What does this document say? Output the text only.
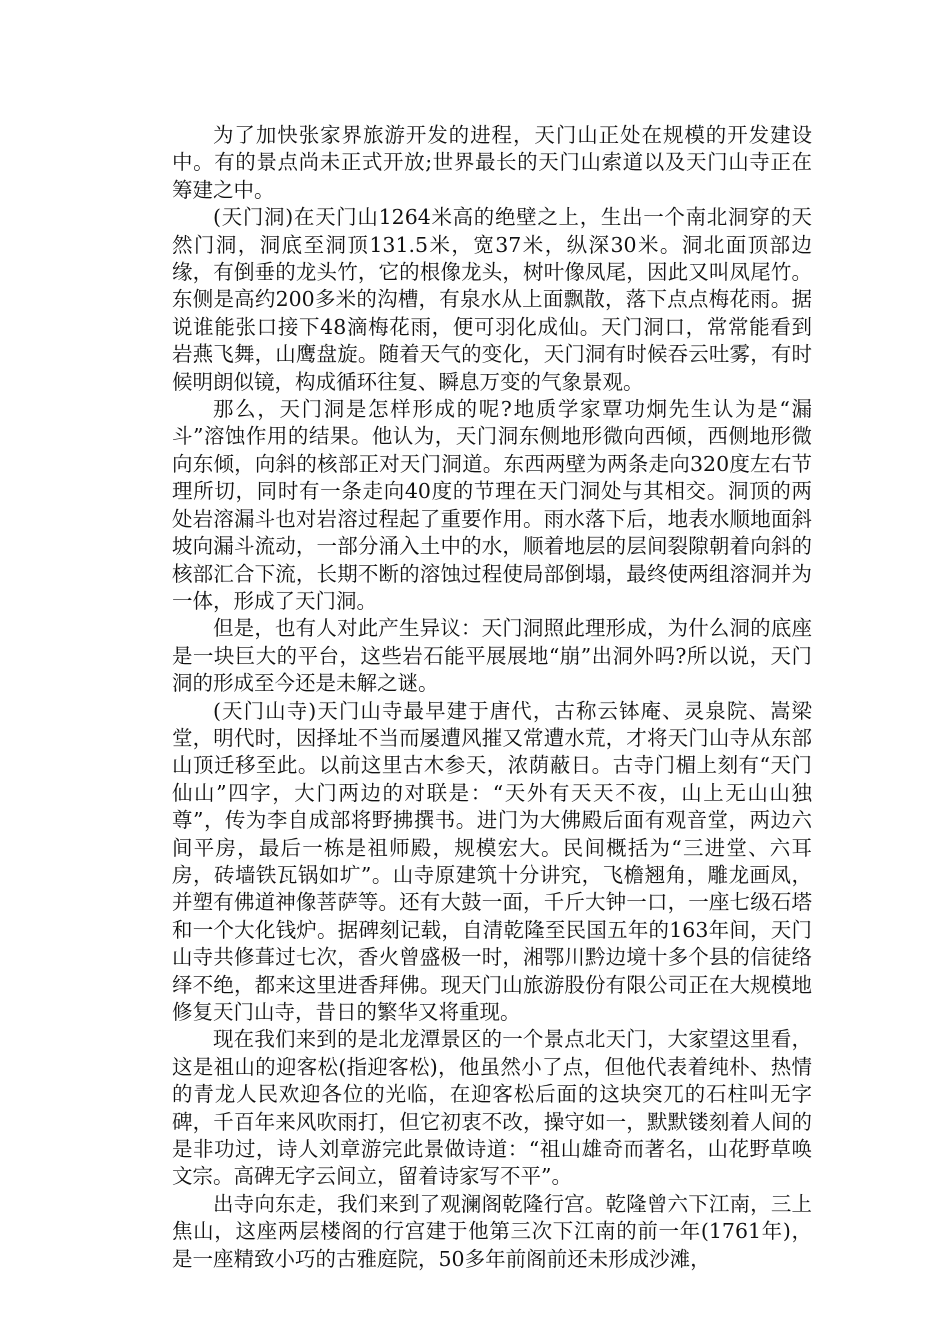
为了加快张家界旅游开发的进程，天门山正处在规模的开发建设中。有的景点尚未正式开放;世界最长的天门山索道以及天门山寺正在筹建之中。

(天门洞)在天门山1264米高的绝壁之上，生出一个南北洞穿的天然门洞，洞底至洞顶131.5米，宽37米，纵深30米。洞北面顶部边缘，有倒垂的龙头竹，它的根像龙头，树叶像凤尾，因此又叫凤尾竹。东侧是高约200多米的沟槽，有泉水从上面飘散，落下点点梅花雨。据说谁能张口接下48滴梅花雨，便可羽化成仙。天门洞口，常常能看到岩燕飞舞，山鹰盘旋。随着天气的变化，天门洞有时候吞云吐雾，有时候明朗似镜，构成循环往复、瞬息万变的气象景观。

那么，天门洞是怎样形成的呢?地质学家覃功炯先生认为是“漏斗”溶蚀作用的结果。他认为，天门洞东侧地形微向西倾，西侧地形微向东倾，向斜的核部正对天门洞道。东西两壁为两条走向320度左右节理所切，同时有一条走向40度的节理在天门洞处与其相交。洞顶的两处岩溶漏斗也对岩溶过程起了重要作用。雨水落下后，地表水顺地面斜坡向漏斗流动，一部分涌入土中的水，顺着地层的层间裂隙朝着向斜的核部汇合下流，长期不断的溶蚀过程使局部倒塌，最终使两组溶洞并为一体，形成了天门洞。

但是，也有人对此产生异议：天门洞照此理形成，为什么洞的底座是一块巨大的平台，这些岩石能平展展地“崩”出洞外吗?所以说，天门洞的形成至今还是未解之谜。

(天门山寺)天门山寺最早建于唐代，古称云钵庵、灵泉院、嵩梁堂，明代时，因择址不当而屡遭风摧又常遭水荒，才将天门山寺从东部山顶迁移至此。以前这里古木参天，浓荫蔽日。古寺门楣上刻有“天门仙山”四字，大门两边的对联是：“天外有天天不夜，山上无山山独尊”，传为李自成部将野拂撰书。进门为大佛殿后面有观音堂，两边六间平房，最后一栋是祖师殿，规模宏大。民间概括为“三进堂、六耳房，砖墙铁瓦锅如圹”。山寺原建筑十分讲究，飞檐翘角，雕龙画凤，并塑有佛道神像菩萨等。还有大鼓一面，千斤大钟一口，一座七级石塔和一个大化钱炉。据碑刻记载，自清乾隆至民国五年的163年间，天门山寺共修葺过七次，香火曾盛极一时，湘鄂川黔边境十多个县的信徒络绎不绝，都来这里进香拜佛。现天门山旅游股份有限公司正在大规模地修复天门山寺，昔日的繁华又将重现。

现在我们来到的是北龙潭景区的一个景点北天门，大家望这里看，这是祖山的迎客松(指迎客松)，他虽然小了点，但他代表着纯朴、热情的青龙人民欢迎各位的光临，在迎客松后面的这块突兀的石柱叫无字碑，千百年来风吹雨打，但它初衷不改，操守如一，默默镂刻着人间的是非功过，诗人刘章游完此景做诗道：“祖山雄奇而著名，山花野草唤文宗。高碑无字云间立，留着诗家写不平”。

出寺向东走，我们来到了观澜阁乾隆行宫。乾隆曾六下江南，三上焦山，这座两层楼阁的行宫建于他第三次下江南的前一年(1761年)，是一座精致小巧的古雅庭院，50多年前阁前还未形成沙滩，
